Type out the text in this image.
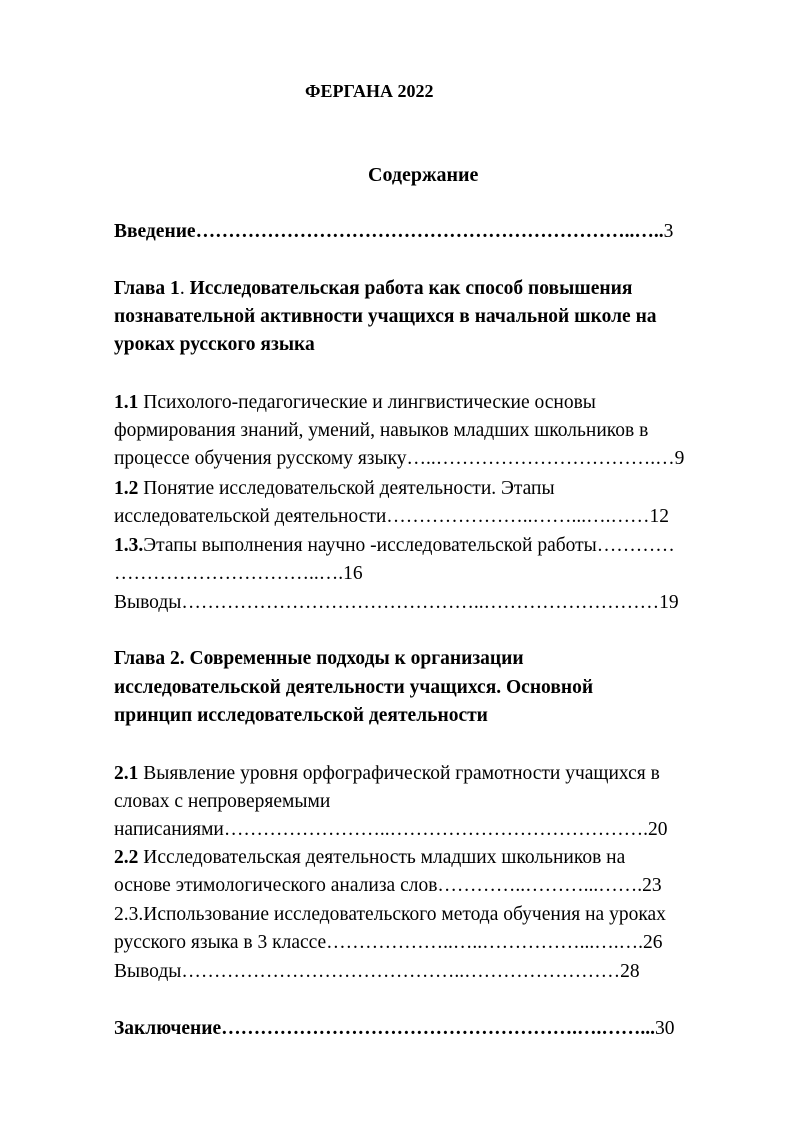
ФЕРГАНА 2022
Содержание
Введение…………………………………………………………..…..3
Глава 1. Исследовательская работа как способ повышения
познавательной активности учащихся в начальной школе на
уроках русского языка
1.1 Психолого-педагогические и лингвистические основы
формирования знаний, умений, навыков младших школьников в
процессе обучения русскому языку…..…………………………….…9
1.2 Понятие исследовательской деятельности. Этапы
исследовательской деятельности…………………..……...….……12
1.3.Этапы выполнения научно -исследовательской работы…………
…………………………..….16
Выводы………………………………………..………………………19
Глава 2. Современные подходы к организации
исследовательской деятельности учащихся. Основной
принцип исследовательской деятельности
2.1 Выявление уровня орфографической грамотности учащихся в
словах с непроверяемыми
написаниями……………………..………………………………….20
2.2 Исследовательская деятельность младших школьников на
основе этимологического анализа слов…………..………...…….23
2.3.Использование исследовательского метода обучения на уроках
русского языка в 3 классе………………..…..……………...….….26
Выводы……………………………………..……………………28
Заключение……………………………………………….….……...30
